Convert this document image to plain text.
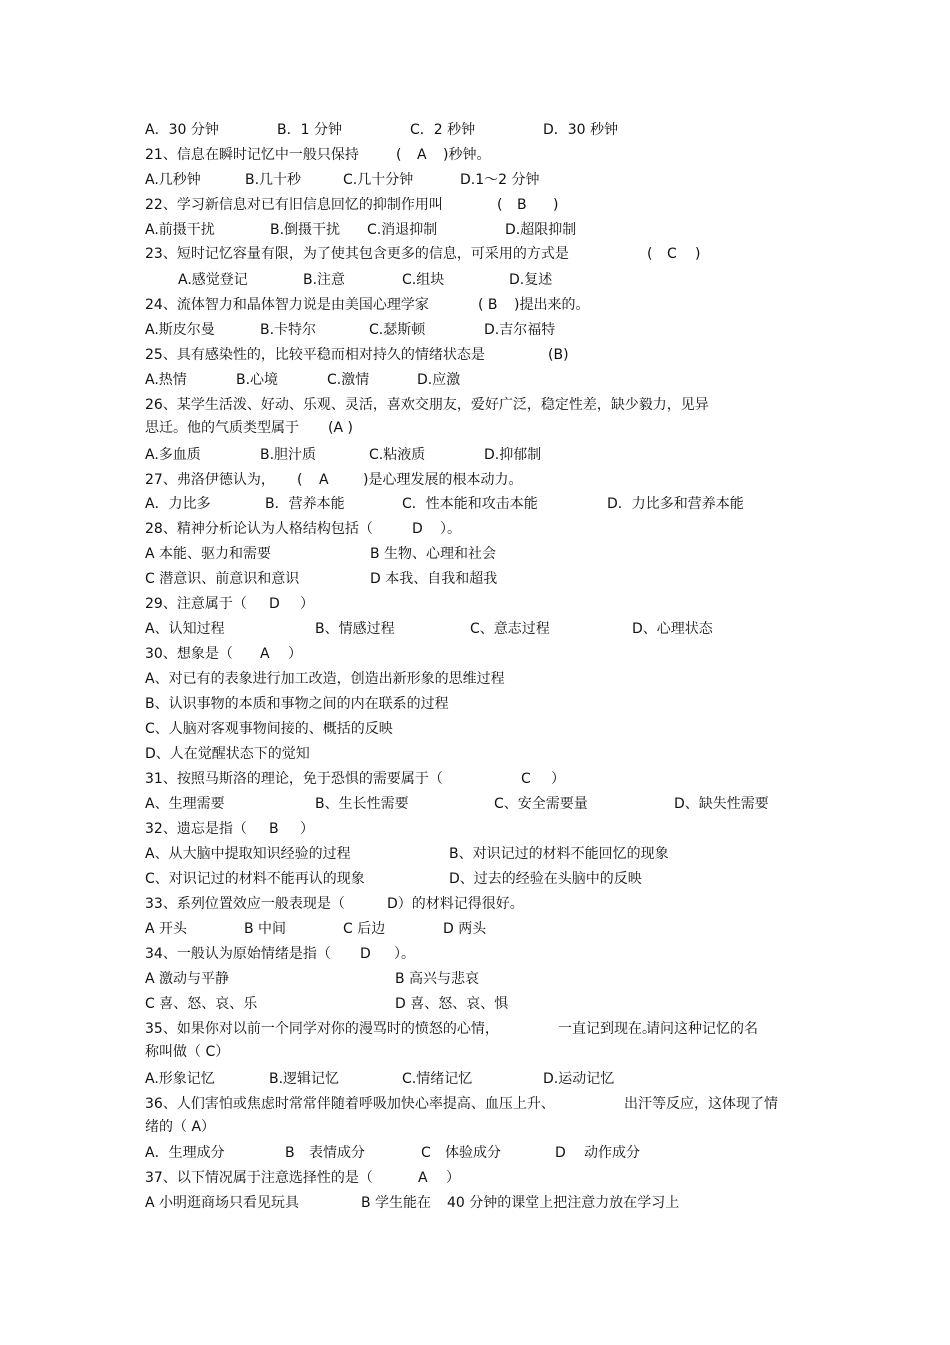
A．30 分钟	B．1 分钟	C．2 秒钟	D．30 秒钟
21、信息在瞬时记忆中一般只保持	( A )秒钟。
A.几秒钟	B.几十秒	C.几十分钟	D.1～2 分钟
22、学习新信息对已有旧信息回忆的抑制作用叫	( B )
A.前摄干扰	B.倒摄干扰 C.消退抑制	D.超限抑制
23、短时记忆容量有限，为了使其包含更多的信息，可采用的方式是	( C )
A.感觉登记	B.注意	C.组块	D.复述
24、流体智力和晶体智力说是由美国心理学家	( B )提出来的。
A.斯皮尔曼	B.卡特尔	C.瑟斯顿	D.吉尔福特
25、具有感染性的，比较平稳而相对持久的情绪状态是	(B)
A.热情	B.心境	C.激情	D.应激
26、某学生活泼、好动、乐观、灵活，喜欢交朋友，爱好广泛，稳定性差，缺少毅力，见异
思迁。他的气质类型属于 (A )
A.多血质	B.胆汁质	C.粘液质	D.抑郁制
27、弗洛伊德认为， ( A )是心理发展的根本动力。
A．力比多	B．营养本能	C．性本能和攻击本能	D．力比多和营养本能
28、精神分析论认为人格结构包括（	D ）。
A 本能、驱力和需要	B 生物、心理和社会
C 潜意识、前意识和意识	D 本我、自我和超我
29、注意属于（ D ）
A、认知过程	B、情感过程	C、意志过程	D、心理状态
30、想象是（ A ）
A、对已有的表象进行加工改造，创造出新形象的思维过程
B、认识事物的本质和事物之间的内在联系的过程
C、人脑对客观事物间接的、概括的反映
D、人在觉醒状态下的觉知
31、按照马斯洛的理论，免于恐惧的需要属于（	C ）
A、生理需要	B、生长性需要	C、安全需要量	D、缺失性需要
32、遗忘是指（ B ）
A、从大脑中提取知识经验的过程	B、对识记过的材料不能回忆的现象
C、对识记过的材料不能再认的现象	D、过去的经验在头脑中的反映
33、系列位置效应一般表现是（	D）的材料记得很好。
A 开头	B 中间	C 后边	D 两头
34、一般认为原始情绪是指（ D ）。
A 激动与平静	B 高兴与悲哀
C 喜、怒、哀、乐	D 喜、怒、哀、惧
35、如果你对以前一个同学对你的漫骂时的愤怒的心情，	一直记到现在。
请问这种记忆的名
称叫做（ C）
A.形象记忆	B.逻辑记忆	C.情绪记忆	D.运动记忆
36、人们害怕或焦虑时常常伴随着呼吸加快心率提高、血压上升、	出汗等反应，这体现了情
绪的（ A）
A．生理成分	B 表情成分	C 体验成分	D 动作成分
37、以下情况属于注意选择性的是（	A ）
A 小明逛商场只看见玩具	B 学生能在 40 分钟的课堂上把注意力放在学习上
